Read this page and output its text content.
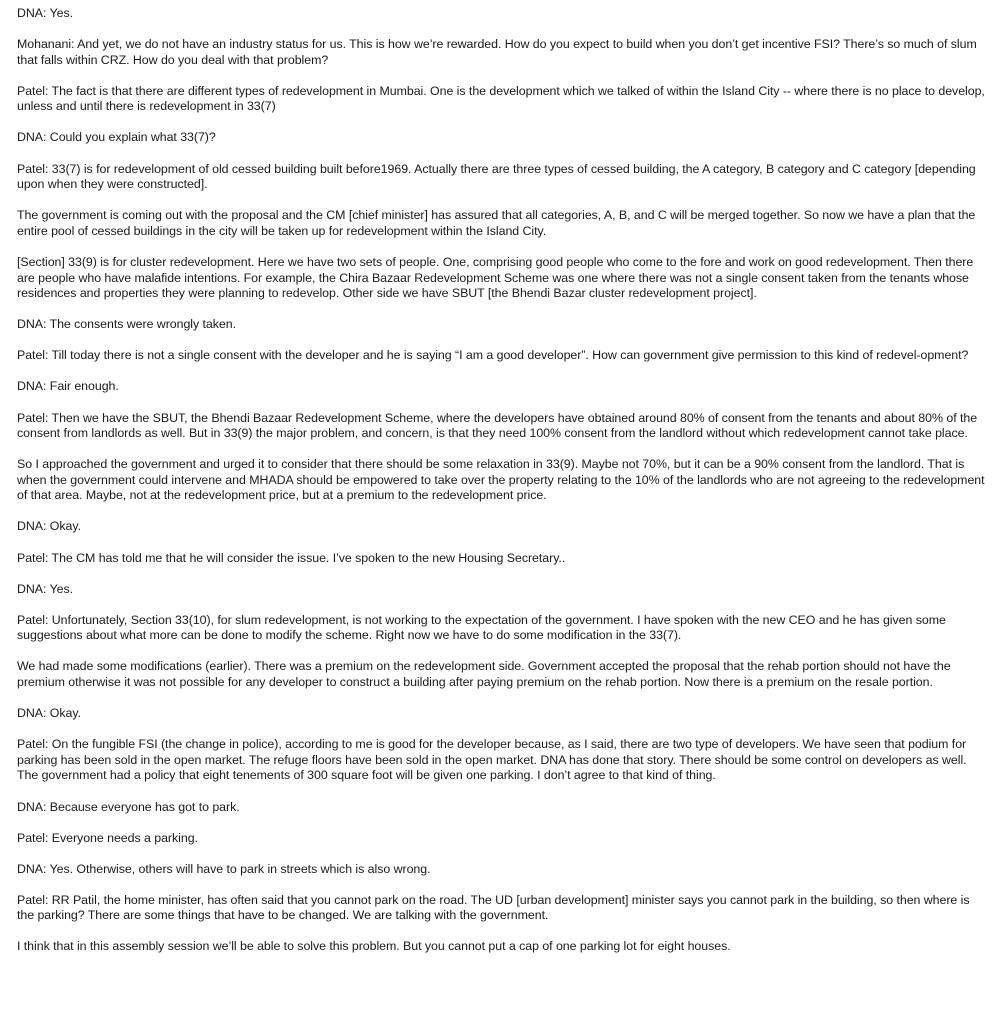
DNA: Yes.

Mohanani: And yet, we do not have an industry status for us. This is how we’re rewarded. How do you expect to build when you don’t get incentive FSI? There’s so much of slum that falls within CRZ. How do you deal with that problem?

Patel: The fact is that there are different types of redevelopment in Mumbai. One is the development which we talked of within the Island City -- where there is no place to develop, unless and until there is redevelopment in 33(7)

DNA: Could you explain what 33(7)?

Patel: 33(7) is for redevelopment of old cessed building built before1969. Actually there are three types of cessed building, the A category, B category and C category [depending upon when they were constructed].

The government is coming out with the proposal and the CM [chief minister] has assured that all categories, A, B, and C will be merged together. So now we have a plan that the entire pool of cessed buildings in the city will be taken up for redevelopment within the Island City.

[Section] 33(9) is for cluster redevelopment. Here we have two sets of people. One, comprising good people who come to the fore and work on good redevelopment. Then there are people who have malafide intentions. For example, the Chira Bazaar Redevelopment Scheme was one where there was not a single consent taken from the tenants whose residences and properties they were planning to redevelop. Other side we have SBUT [the Bhendi Bazar cluster redevelopment project].

DNA: The consents were wrongly taken.

Patel: Till today there is not a single consent with the developer and he is saying “I am a good developer”. How can government give permission to this kind of redevel-opment?

DNA: Fair enough.

Patel: Then we have the SBUT, the Bhendi Bazaar Redevelopment Scheme, where the developers have obtained around 80% of consent from the tenants and about 80% of the consent from landlords as well. But in 33(9) the major problem, and concern, is that they need 100% consent from the landlord without which redevelopment cannot take place.

So I approached the government and urged it to consider that there should be some relaxation in 33(9). Maybe not 70%, but it can be a 90% consent from the landlord. That is when the government could intervene and MHADA should be empowered to take over the property relating to the 10% of the landlords who are not agreeing to the redevelopment of that area. Maybe, not at the redevelopment price, but at a premium to the redevelopment price.

DNA: Okay.

Patel: The CM has told me that he will consider the issue. I’ve spoken to the new Housing Secretary..

DNA: Yes.

Patel: Unfortunately, Section 33(10), for slum redevelopment, is not working to the expectation of the government. I have spoken with the new CEO and he has given some suggestions about what more can be done to modify the scheme. Right now we have to do some modification in the 33(7).

We had made some modifications (earlier). There was a premium on the redevelopment side. Government accepted the proposal that the rehab portion should not have the premium otherwise it was not possible for any developer to construct a building after paying premium on the rehab portion. Now there is a premium on the resale portion.

DNA: Okay.

Patel: On the fungible FSI (the change in police), according to me is good for the developer because, as I said, there are two type of developers. We have seen that podium for parking has been sold in the open market. The refuge floors have been sold in the open market. DNA has done that story. There should be some control on developers as well. The government had a policy that eight tenements of 300 square foot will be given one parking. I don’t agree to that kind of thing.

DNA: Because everyone has got to park.

Patel: Everyone needs a parking.

DNA: Yes. Otherwise, others will have to park in streets which is also wrong.

Patel: RR Patil, the home minister, has often said that you cannot park on the road. The UD [urban development] minister says you cannot park in the building, so then where is the parking? There are some things that have to be changed. We are talking with the government.

I think that in this assembly session we’ll be able to solve this problem. But you cannot put a cap of one parking lot for eight houses.
